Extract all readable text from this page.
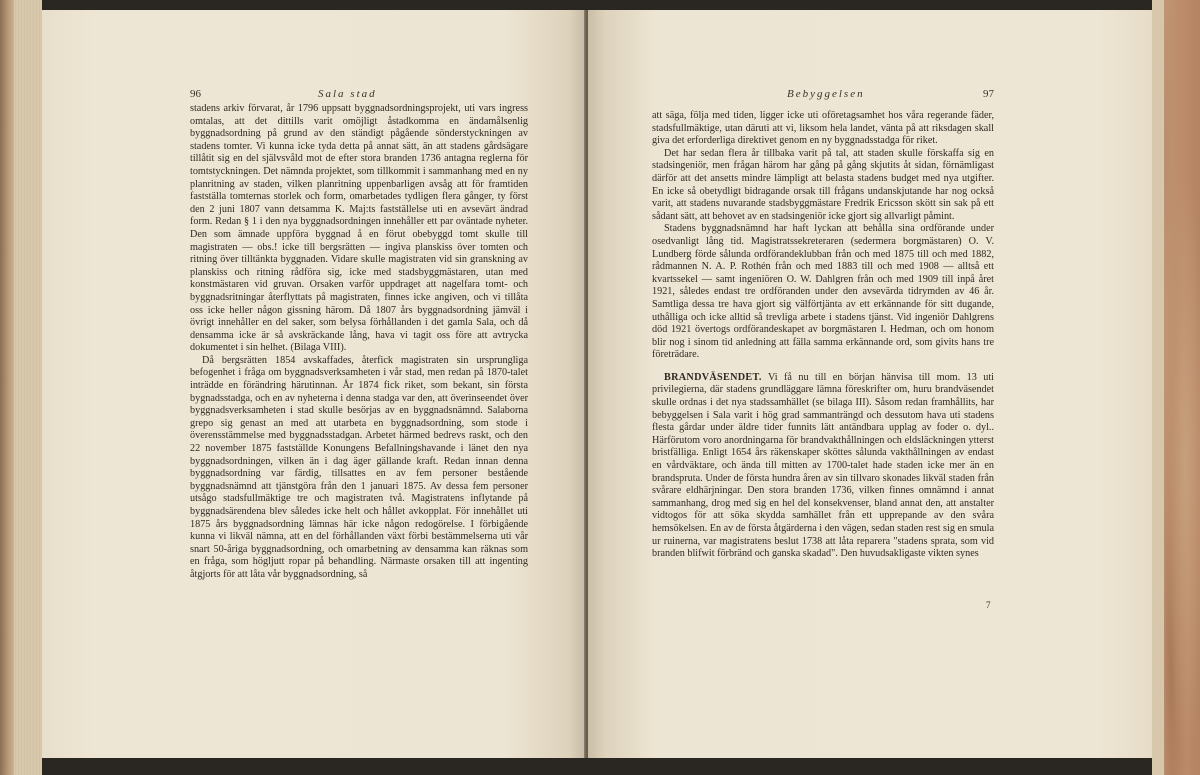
96	Sala stad

stadens arkiv förvarat, år 1796 uppsatt byggnadsordningsprojekt, uti vars ingress omtalas, att det dittills varit omöjligt åstadkomma en ändamålsenlig byggnadsordning på grund av den ständigt pågående sönderstyckningen av stadens tomter. Vi kunna icke tyda detta på annat sätt, än att stadens gårdsägare tillåtit sig en del självsvåld mot de efter stora branden 1736 antagna reglerna för tomtstyckningen. Det nämnda projektet, som tillkommit i sammanhang med en ny planritning av staden, vilken planritning uppenbarligen avsåg att för framtiden fastställa tomternas storlek och form, omarbetades tydligen flera gånger, ty först den 2 juni 1807 vann detsamma K. Maj:ts fastställelse uti en avsevärt ändrad form. Redan § 1 i den nya byggnadsordningen innehåller ett par oväntade nyheter. Den som ämnade uppföra byggnad å en förut obebyggd tomt skulle till magistraten — obs.! icke till bergsrätten — ingiva planskiss över tomten och ritning över tilltänkta byggnaden. Vidare skulle magistraten vid sin granskning av planskiss och ritning rådföra sig, icke med stadsbyggmästaren, utan med konstmästaren vid gruvan. Orsaken varför uppdraget att nagelfara tomt- och byggnadsritningar återflyttats på magistraten, finnes icke angiven, och vi tillåta oss icke heller någon gissning härom. Då 1807 års byggnadsordning jämväl i övrigt innehåller en del saker, som belysa förhållanden i det gamla Sala, och då densamma icke är så avskräckande lång, hava vi tagit oss före att avtrycka dokumentet i sin helhet. (Bilaga VIII).

Då bergsrätten 1854 avskaffades, återfick magistraten sin ursprungliga befogenhet i fråga om byggnadsverksamheten i vår stad, men redan på 1870-talet inträdde en förändring härutinnan. År 1874 fick riket, som bekant, sin första bygnadsstadga, och en av nyheterna i denna stadga var den, att överinseendet över byggnadsverksamheten i stad skulle besörjas av en byggnadsnämnd. Salaborna grepo sig genast an med att utarbeta en byggnadsordning, som stode i överensstämmelse med byggnadsstadgan. Arbetet härmed bedrevs raskt, och den 22 november 1875 fastställde Konungens Befallningshavande i länet den nya byggnadsordningen, vilken än i dag äger gällande kraft. Redan innan denna byggnadsordning var färdig, tillsattes en av fem personer bestående byggnadsnämnd att tjänstgöra från den 1 januari 1875. Av dessa fem personer utsågo stadsfullmäktige tre och magistraten två. Magistratens inflytande på byggnadsärendena blev således icke helt och hållet avkopplat. För innehållet uti 1875 års byggnadsordning lämnas här icke någon redogörelse. I förbigående kunna vi likväl nämna, att en del förhållanden växt förbi bestämmelserna uti vår snart 50-åriga byggnadsordning, och omarbetning av densamma kan räknas som en fråga, som högljutt ropar på behandling. Närmaste orsaken till att ingenting åtgjorts för att låta vår byggnadsordning, så

Bebyggelsen	97

att säga, följa med tiden, ligger icke uti oföretagsamhet hos våra regerande fäder, stadsfullmäktige, utan däruti att vi, liksom hela landet, vänta på att riksdagen skall giva det erforderliga direktivet genom en ny byggnadsstadga för riket.

Det har sedan flera år tillbaka varit på tal, att staden skulle förskaffa sig en stadsingeniör, men frågan härom har gång på gång skjutits åt sidan, förnämligast därför att det ansetts mindre lämpligt att belasta stadens budget med nya utgifter. En icke så obetydligt bidragande orsak till frågans undanskjutande har nog också varit, att stadens nuvarande stadsbyggmästare Fredrik Ericsson skött sin sak på ett sådant sätt, att behovet av en stadsingeniör icke gjort sig allvarligt påmint.

Stadens byggnadsnämnd har haft lyckan att behålla sina ordförande under osedvanligt lång tid. Magistratssekreteraren (sedermera borgmästaren) O. V. Lundberg förde sålunda ordförandeklubban från och med 1875 till och med 1882, rådmannen N. A. P. Rothén från och med 1883 till och med 1908 — alltså ett kvartssekel — samt ingeniören O. W. Dahlgren från och med 1909 till inpå året 1921, således endast tre ordföranden under den avsevärda tidrymden av 46 år. Samtliga dessa tre hava gjort sig välförtjänta av ett erkännande för sitt dugande, uthålliga och icke alltid så trevliga arbete i stadens tjänst. Vid ingeniör Dahlgrens död 1921 övertogs ordförandeskapet av borgmästaren I. Hedman, och om honom blir nog i sinom tid anledning att fälla samma erkännande ord, som givits hans tre företrädare.

BRANDVÄSENDET. Vi få nu till en början hänvisa till mom. 13 uti privilegierna, där stadens grundläggare lämna föreskrifter om, huru brandväsendet skulle ordnas i det nya stadssamhället (se bilaga III). Såsom redan framhållits, har bebyggelsen i Sala varit i hög grad sammanträngd och dessutom hava uti stadens flesta gårdar under äldre tider funnits lätt antändbara upplag av foder o. dyl.. Härförutom voro anordningarna för brandvakthållningen och eldsläckningen ytterst bristfälliga. Enligt 1654 års räkenskaper sköttes sålunda vakthållningen av endast en vårdväktare, och ända till mitten av 1700-talet hade staden icke mer än en brandspruta. Under de första hundra åren av sin tillvaro skonades likväl staden från svårare eldhärjningar. Den stora branden 1736, vilken finnes omnämnd i annat sammanhang, drog med sig en hel del konsekvenser, bland annat den, att anstalter vidtogos för att söka skydda samhället från ett upprepande av den svåra hemsökelsen. En av de första åtgärderna i den vägen, sedan staden rest sig en smula ur ruinerna, var magistratens beslut 1738 att låta reparera "stadens sprata, som vid branden blifwit förbränd och ganska skadad". Den huvudsakligaste vikten synes

7
